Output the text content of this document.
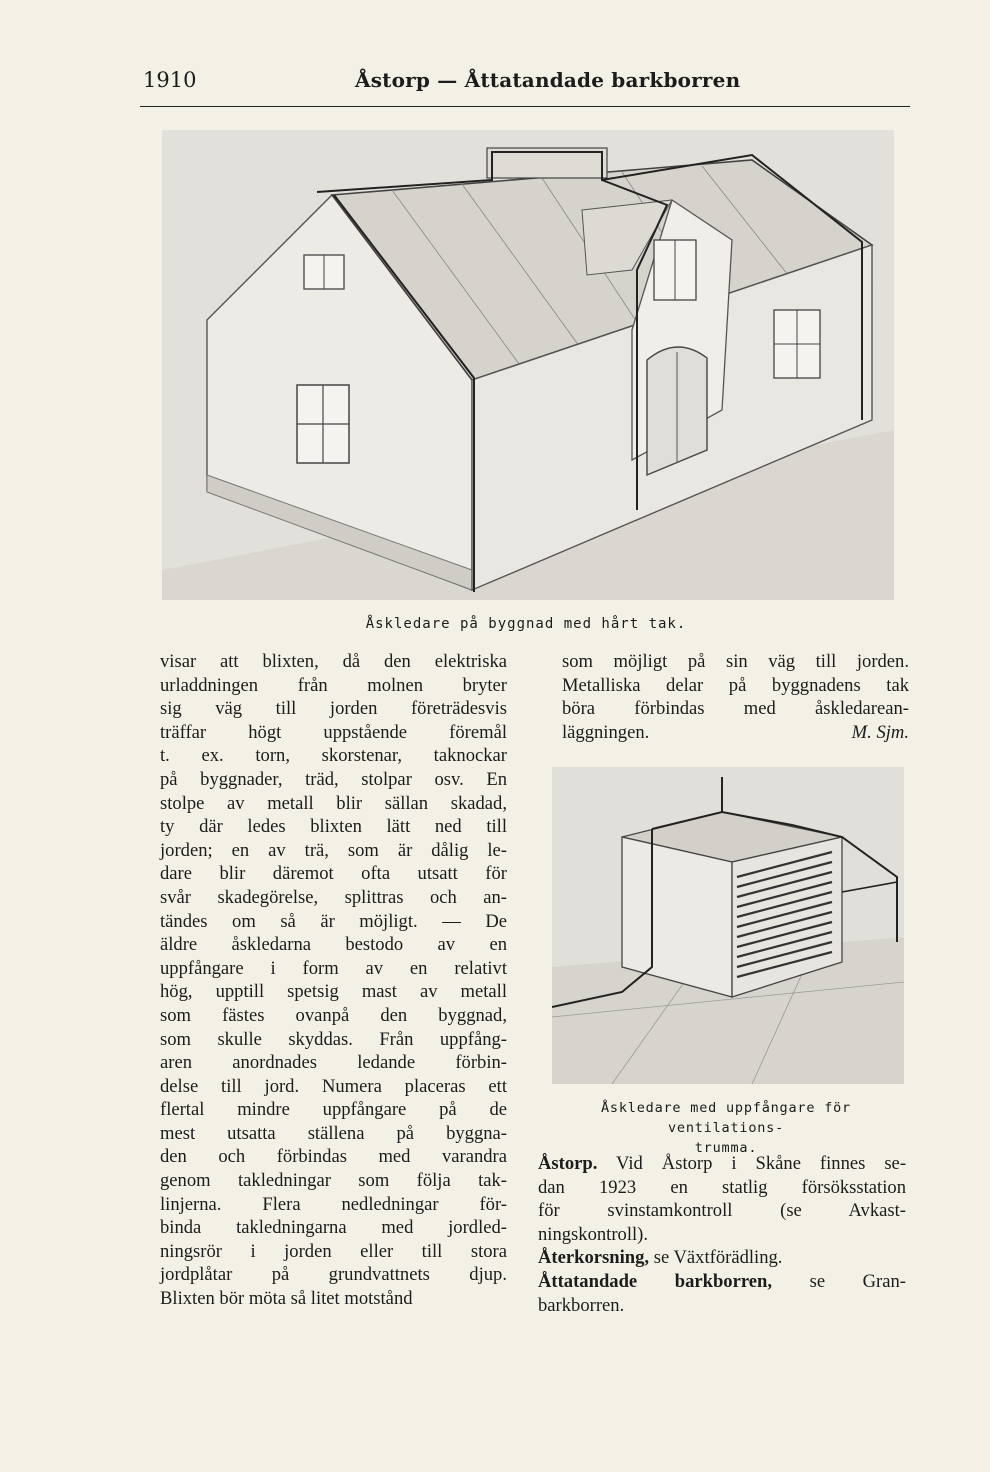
1910	Åstorp — Åttatandade barkborren
Åskledare på byggnad med hårt tak.

visar att blixten, då den elektriska

urladdningen från molnen bryter

sig väg till jorden företrädesvis

träffar högt uppstående föremål

t. ex. torn, skorstenar, taknockar

på byggnader, träd, stolpar osv. En

stolpe av metall blir sällan skadad,

ty där ledes blixten lätt ned till

jorden; en av trä, som är dålig le-

dare blir däremot ofta utsatt för

svår skadegörelse, splittras och an-

tändes om så är möjligt. — De

äldre åskledarna bestodo av en

uppfångare i form av en relativt

hög, upptill spetsig mast av metall

som fästes ovanpå den byggnad,

som skulle skyddas. Från uppfång-

aren anordnades ledande förbin-

delse till jord. Numera placeras ett

flertal mindre uppfångare på de

mest utsatta ställena på byggna-

den och förbindas med varandra

genom takledningar som följa tak-

linjerna. Flera nedledningar för-

binda takledningarna med jordled-

ningsrör i jorden eller till stora

jordplåtar på grundvattnets djup.

Blixten bör möta så litet motstånd

som möjligt på sin väg till jorden.

Metalliska delar på byggnadens tak

böra förbindas med åskledarean-

läggningen.	M. Sjm.
Åskledare med uppfångare för ventilations-
trumma.

Åstorp. Vid Åstorp i Skåne finnes se-

dan 1923 en statlig försöksstation

för svinstamkontroll (se Avkast-

ningskontroll).

Återkorsning, se Växtförädling.

Åttatandade barkborren, se Gran-

barkborren.
